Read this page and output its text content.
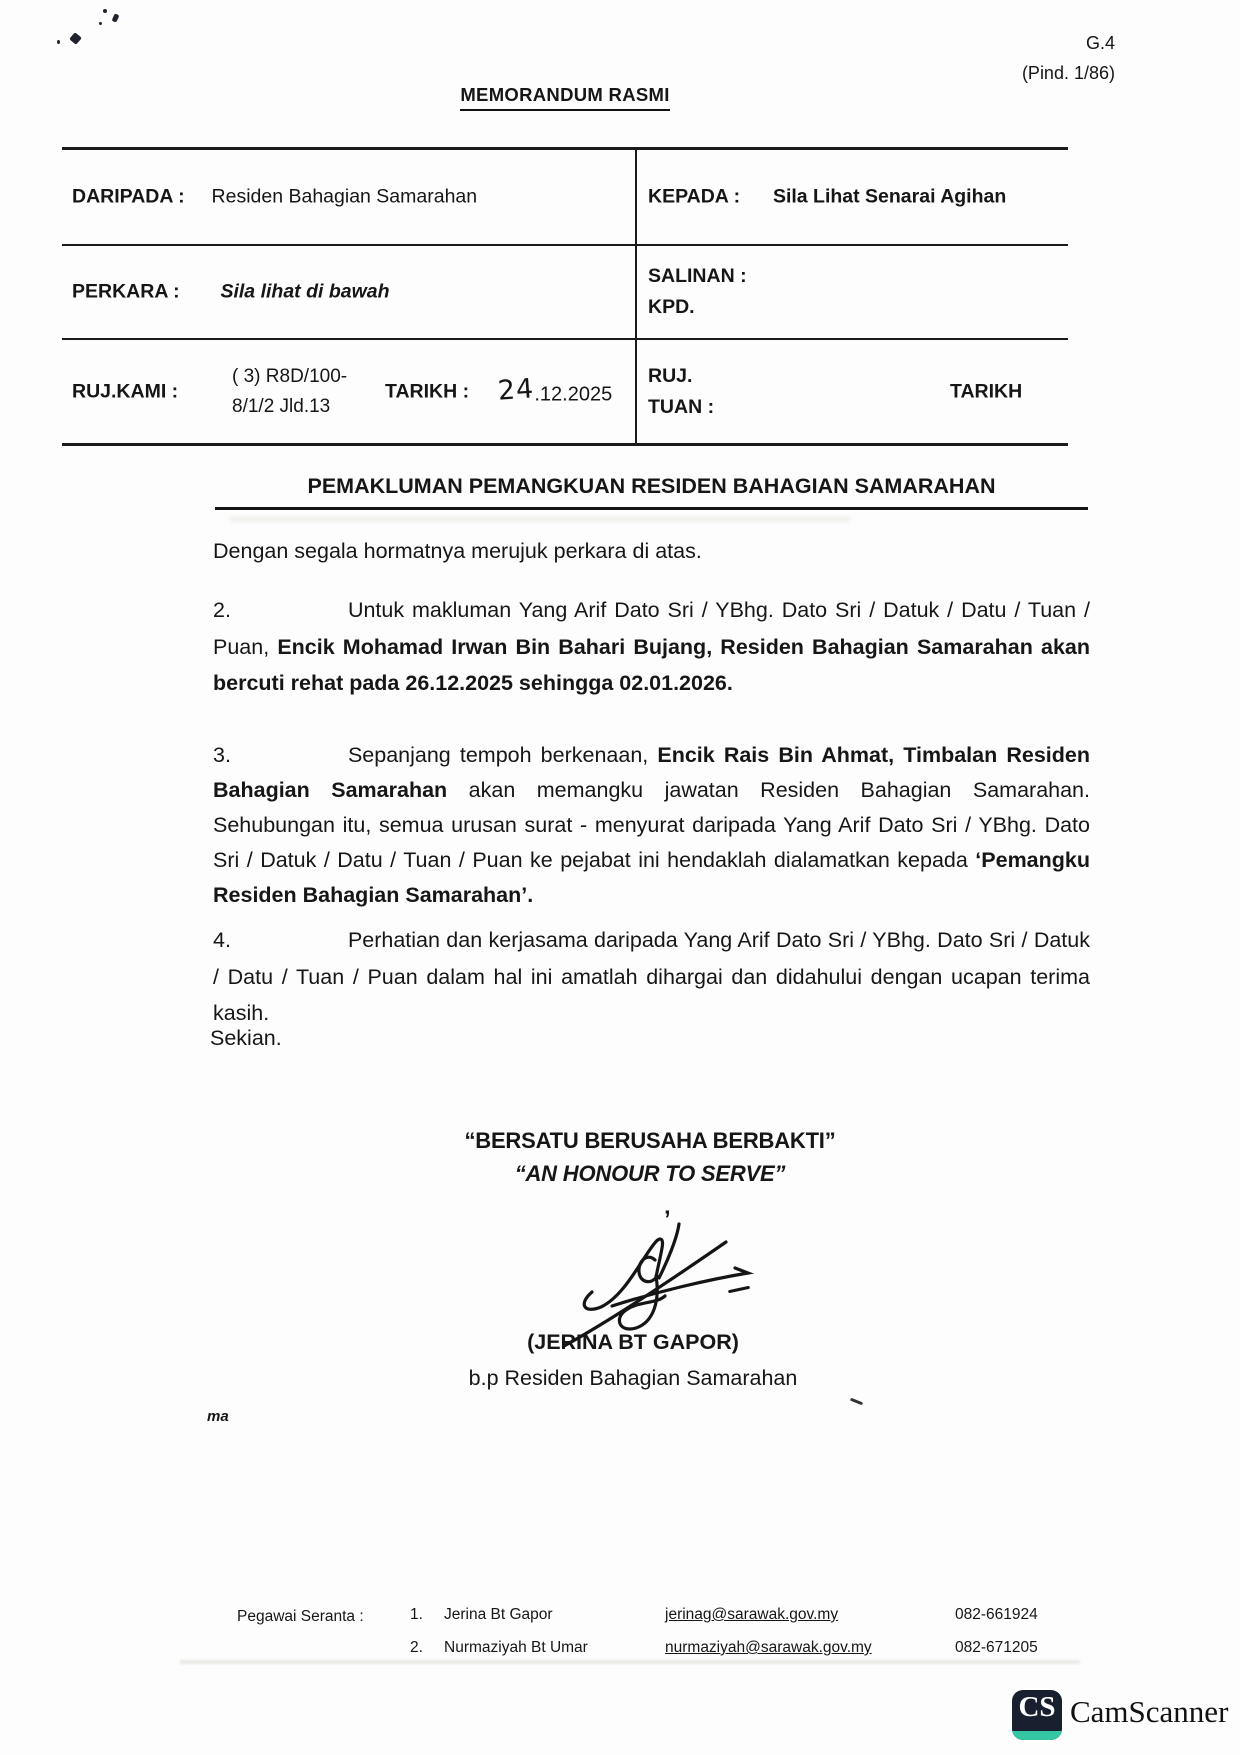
G.4
(Pind. 1/86)
MEMORANDUM RASMI
DARIPADA : Residen Bahagian Samarahan	KEPADA : Sila Lihat Senarai Agihan
PERKARA : Sila lihat di bawah
SALINAN :
KPD.
RUJ.KAMI :
( 3) R8D/100-
8/1/2 Jld.13
TARIKH : 24.12.2025
RUJ.
TUAN :
TARIKH
PEMAKLUMAN PEMANGKUAN RESIDEN BAHAGIAN SAMARAHAN
Dengan segala hormatnya merujuk perkara di atas.
2.	Untuk makluman Yang Arif Dato Sri / YBhg. Dato Sri / Datuk / Datu / Tuan / Puan, Encik Mohamad Irwan Bin Bahari Bujang, Residen Bahagian Samarahan akan bercuti rehat pada 26.12.2025 sehingga 02.01.2026.
3.	Sepanjang tempoh berkenaan, Encik Rais Bin Ahmat, Timbalan Residen Bahagian Samarahan akan memangku jawatan Residen Bahagian Samarahan. Sehubungan itu, semua urusan surat - menyurat daripada Yang Arif Dato Sri / YBhg. Dato Sri / Datuk / Datu / Tuan / Puan ke pejabat ini hendaklah dialamatkan kepada ‘Pemangku Residen Bahagian Samarahan’.
4.	Perhatian dan kerjasama daripada Yang Arif Dato Sri / YBhg. Dato Sri / Datuk / Datu / Tuan / Puan dalam hal ini amatlah dihargai dan didahului dengan ucapan terima kasih.
Sekian.
“BERSATU BERUSAHA BERBAKTI”
“AN HONOUR TO SERVE”
’
(JERINA BT GAPOR)
b.p Residen Bahagian Samarahan
ma
Pegawai Seranta :	1. Jerina Bt Gapor	jerinag@sarawak.gov.my	082-661924
2. Nurmaziyah Bt Umar	nurmaziyah@sarawak.gov.my	082-671205
CS CamScanner
